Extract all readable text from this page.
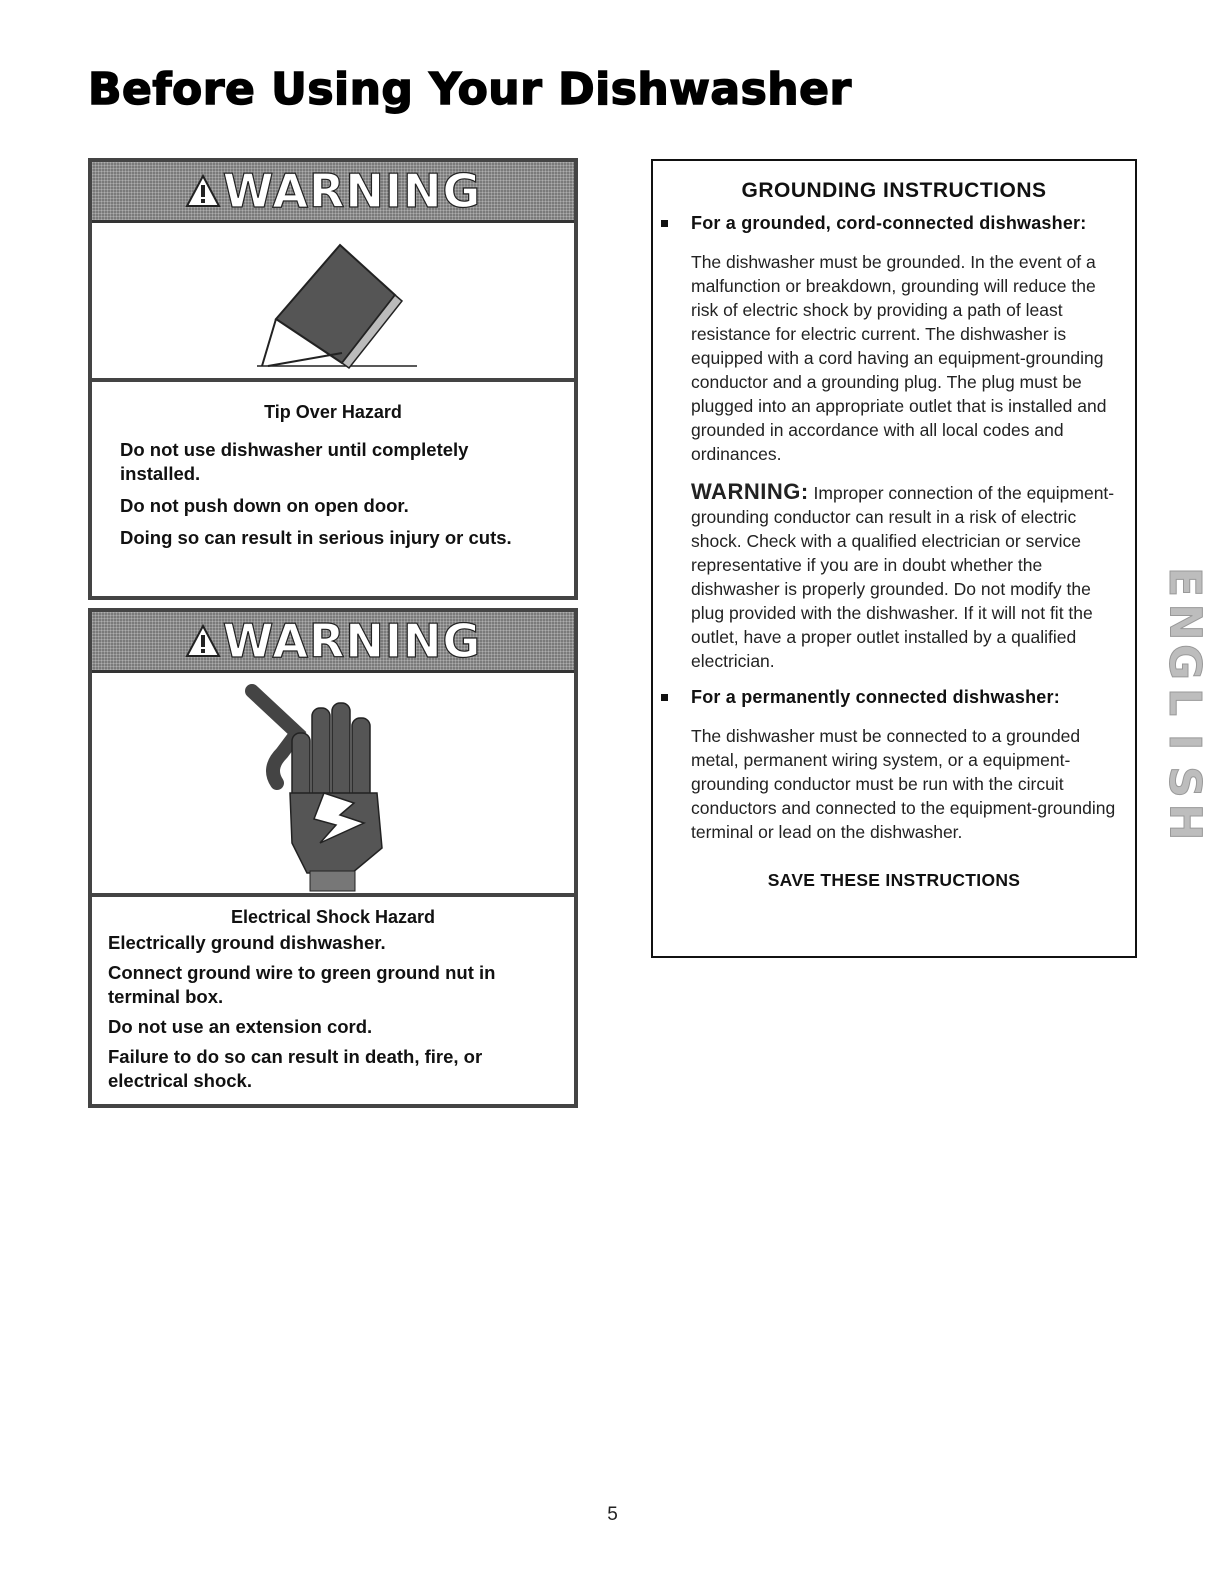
Before Using Your Dishwasher
WARNING
Tip Over Hazard

Do not use dishwasher until completely installed.

Do not push down on open door.

Doing so can result in serious injury or cuts.

WARNING
Electrical Shock Hazard

Electrically ground dishwasher.

Connect ground wire to green ground nut in terminal box.

Do not use an extension cord.

Failure to do so can result in death, fire, or electrical shock.

GROUNDING INSTRUCTIONS
For a grounded, cord-connected dishwasher:

The dishwasher must be grounded. In the event of a malfunction or breakdown, grounding will reduce the risk of electric shock by providing a path of least resistance for electric current. The dishwasher is equipped with a cord having an equipment-grounding conductor and a grounding plug. The plug must be plugged into an appropriate outlet that is installed and grounded in accordance with all local codes and ordinances.

WARNING: Improper connection of the equipment-grounding conductor can result in a risk of electric shock. Check with a qualified electrician or service representative if you are in doubt whether the dishwasher is properly grounded. Do not modify the plug provided with the dishwasher. If it will not fit the outlet, have a proper outlet installed by a qualified electrician.

For a permanently connected dishwasher:

The dishwasher must be connected to a grounded metal, permanent wiring system, or a equipment-grounding conductor must be run with the circuit conductors and connected to the equipment-grounding terminal or lead on the dishwasher.

SAVE THESE INSTRUCTIONS
E
N
G
L
I
S
H
5
